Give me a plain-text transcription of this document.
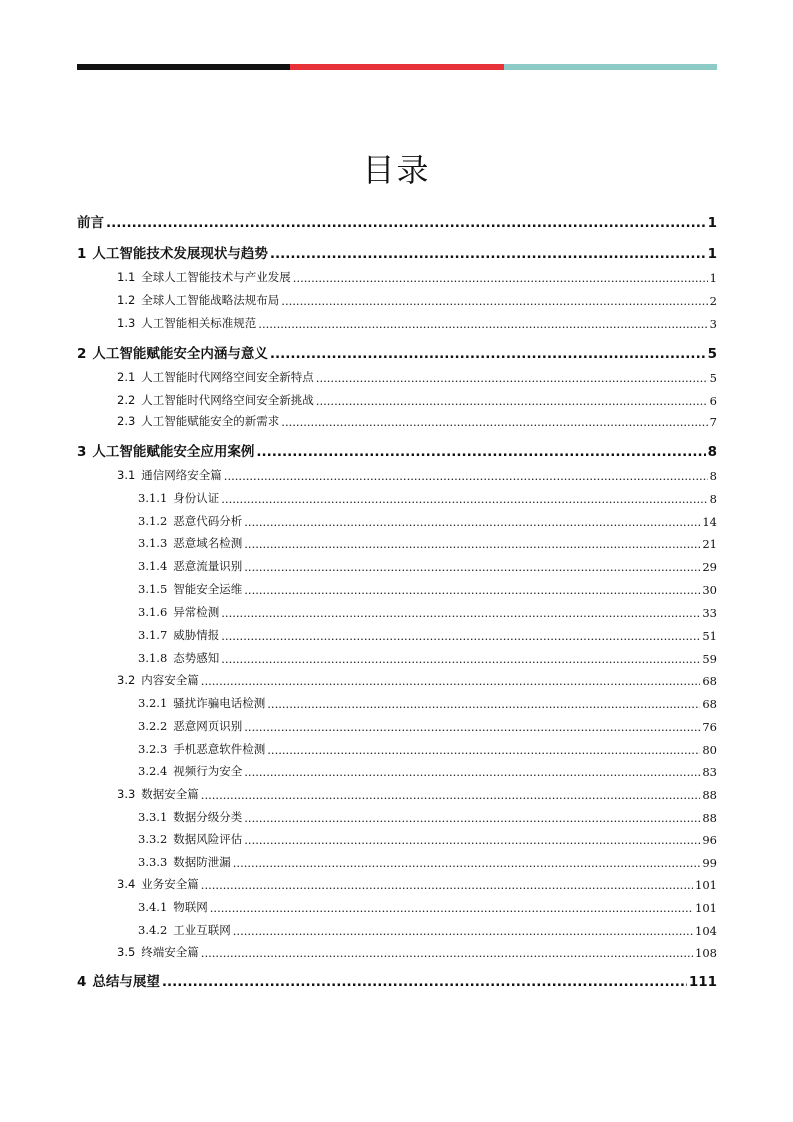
目录
前言 .....	1
1 人工智能技术发展现状与趋势 .....	1
1.1 全球人工智能技术与产业发展 .....	1
1.2 全球人工智能战略法规布局 .....	2
1.3 人工智能相关标准规范 .....	3
2 人工智能赋能安全内涵与意义 .....	5
2.1 人工智能时代网络空间安全新特点 .....	5
2.2 人工智能时代网络空间安全新挑战 .....	6
2.3 人工智能赋能安全的新需求 .....	7
3 人工智能赋能安全应用案例 .....	8
3.1 通信网络安全篇 .....	8
3.1.1 身份认证 .....	8
3.1.2 恶意代码分析 .....	14
3.1.3 恶意域名检测 .....	21
3.1.4 恶意流量识别 .....	29
3.1.5 智能安全运维 .....	30
3.1.6 异常检测 .....	33
3.1.7 威胁情报 .....	51
3.1.8 态势感知 .....	59
3.2 内容安全篇 .....	68
3.2.1 骚扰诈骗电话检测 .....	68
3.2.2 恶意网页识别 .....	76
3.2.3 手机恶意软件检测 .....	80
3.2.4 视频行为安全 .....	83
3.3 数据安全篇 .....	88
3.3.1 数据分级分类 .....	88
3.3.2 数据风险评估 .....	96
3.3.3 数据防泄漏 .....	99
3.4 业务安全篇 .....	101
3.4.1 物联网 .....	101
3.4.2 工业互联网 .....	104
3.5 终端安全篇 .....	108
4 总结与展望 .....	111
